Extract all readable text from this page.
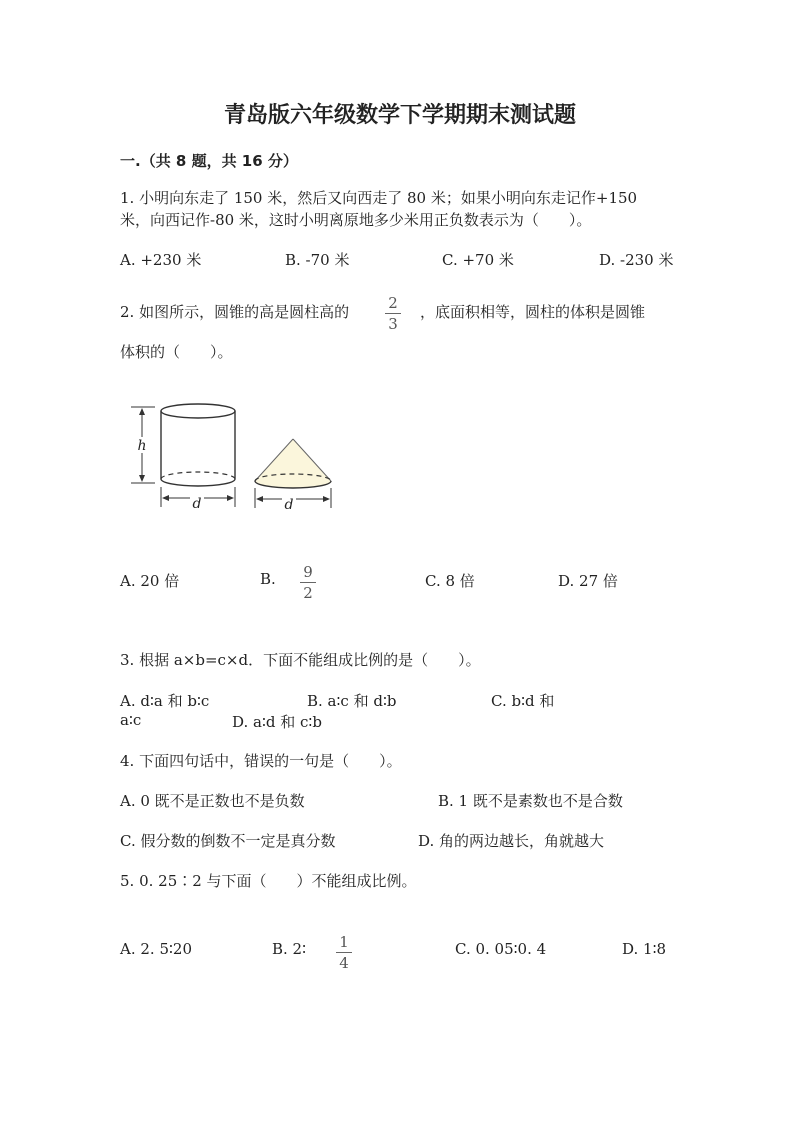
青岛版六年级数学下学期期末测试题
一.（共 8 题，共 16 分）
1. 小明向东走了 150 米，然后又向西走了 80 米；如果小明向东走记作+150
米，向西记作-80 米，这时小明离原地多少米用正负数表示为（　　）。
A. +230 米	B. -70 米	C. +70 米	D. -230 米
2. 如图所示，圆锥的高是圆柱高的	2
3
，底面积相等，圆柱的体积是圆锥
体积的（　　）。
h
d	d
A. 20 倍	B. 9
2
C. 8 倍	D. 27 倍
3. 根据 a×b=c×d．下面不能组成比例的是（　　）。
A. d∶a 和 b∶c	B. a∶c 和 d∶b	C. b∶d 和
a∶c	D. a∶d 和 c∶b
4. 下面四句话中，错误的一句是（　　）。
A. 0 既不是正数也不是负数	B. 1 既不是素数也不是合数
C. 假分数的倒数不一定是真分数	D. 角的两边越长，角就越大
5. 0. 25∶2 与下面（　　）不能组成比例。
A. 2. 5∶20	B. 2∶ 1
4
C. 0. 05∶0. 4	D. 1∶8
